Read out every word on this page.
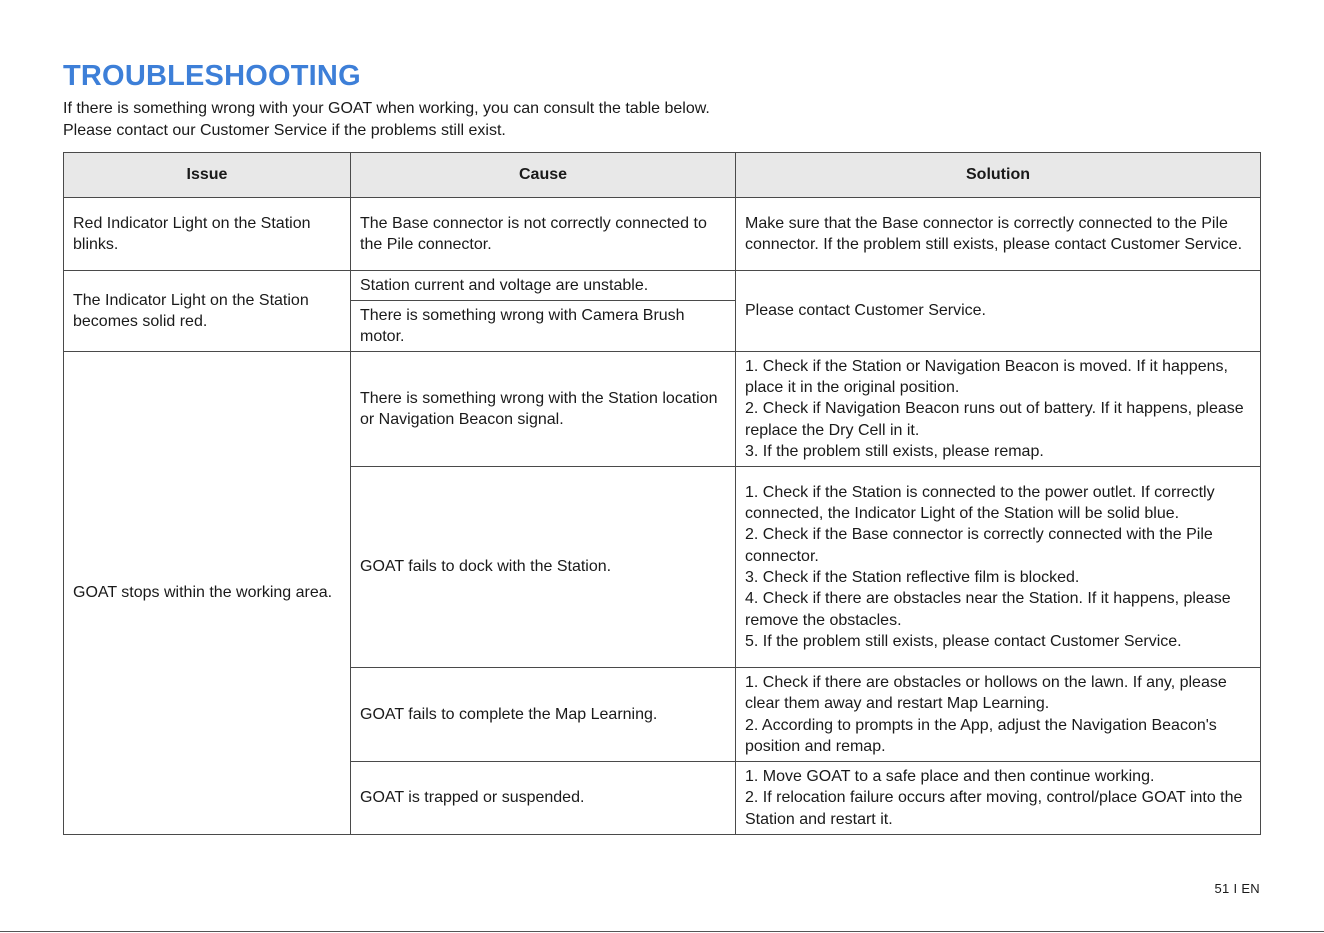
TROUBLESHOOTING

If there is something wrong with your GOAT when working, you can consult the table below.

Please contact our Customer Service if the problems still exist.

Issue	Cause	Solution
Red Indicator Light on the Station blinks.	The Base connector is not correctly connected to the Pile connector.	Make sure that the Base connector is correctly connected to the Pile connector. If the problem still exists, please contact Customer Service.

The Indicator Light on the Station becomes solid red.	Station current and voltage are unstable.	Please contact Customer Service.

	There is something wrong with Camera Brush motor.	
GOAT stops within the working area.	There is something wrong with the Station location or Navigation Beacon signal.	1. Check if the Station or Navigation Beacon is moved. If it happens, place it in the original position.
2. Check if Navigation Beacon runs out of battery. If it happens, please replace the Dry Cell in it.
3. If the problem still exists, please remap.

	GOAT fails to dock with the Station.	1. Check if the Station is connected to the power outlet. If correctly connected, the Indicator Light of the Station will be solid blue.
2. Check if the Base connector is correctly connected with the Pile connector.
3. Check if the Station reflective film is blocked.
4. Check if there are obstacles near the Station. If it happens, please remove the obstacles.
5. If the problem still exists, please contact Customer Service.

	GOAT fails to complete the Map Learning.	1. Check if there are obstacles or hollows on the lawn. If any, please clear them away and restart Map Learning.
2. According to prompts in the App, adjust the Navigation Beacon's position and remap.

	GOAT is trapped or suspended.	1. Move GOAT to a safe place and then continue working.
2. If relocation failure occurs after moving, control/place GOAT into the Station and restart it.
51 I EN
